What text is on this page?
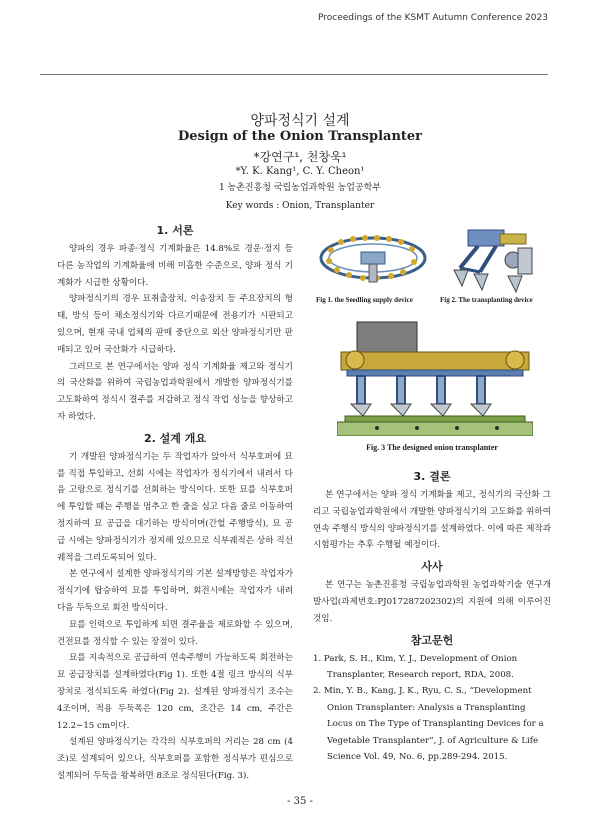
Proceedings of the KSMT Autumn Conference 2023
양파정식기 설계
Design of the Onion Transplanter
*강연구¹, 천창욱¹
*Y. K. Kang¹, C. Y. Cheon¹
1 농촌진흥청 국립농업과학원 농업공학부
Key words : Onion, Transplanter
1. 서론

양파의 경우 파종·정식 기계화율은 14.8%로 경운·정지 등 다른 농작업의 기계화율에 비해 미흡한 수준으로, 양파 정식 기계화가 시급한 상황이다.

양파정식기의 경우 묘취출장치, 이송장치 등 주요장치의 형태, 방식 등이 채소정식기와 다르기때문에 전용기가 시판되고 있으며, 현재 국내 업체의 판매 중단으로 외산 양파정식기만 판매되고 있어 국산화가 시급하다.

그러므로 본 연구에서는 양파 정식 기계화율 제고와 정식기의 국산화를 위하여 국립농업과학원에서 개발한 양파정식기를 고도화하여 정식시 결주를 저감하고 정식 작업 성능을 향상하고자 하였다.

2. 설계 개요

기 개발된 양파정식기는 두 작업자가 앉아서 식부호퍼에 묘를 직접 투입하고, 선회 시에는 작업자가 정식기에서 내려서 다음 고랑으로 정식기를 선회하는 방식이다. 또한 묘를 식부호퍼에 투입할 때는 주행을 멈추고 한 줄을 심고 다음 줄로 이동하여 정지하여 묘 공급을 대기하는 방식이며(간헐 주행방식), 묘 공급 시에는 양파정식기가 정지해 있으므로 식부궤적은 상하 직선궤적을 그리도록되어 있다.

본 연구에서 설계한 양파정식기의 기본 설계방향은 작업자가 정식기에 탑승하여 묘를 투입하며, 회전시에는 작업자가 내려 다음 두둑으로 회전 방식이다.

묘를 인력으로 투입하게 되면 결주율을 제로화할 수 있으며, 건전묘를 정식할 수 있는 장점이 있다.

묘를 지속적으로 공급하여 연속주행이 가능하도록 회전하는 묘 공급장치를 설계하였다(Fig 1). 또한 4절 링크 방식의 식부장치로 정식되도록 하였다(Fig 2). 설계된 양파정식기 조수는 4조이며, 적용 두둑폭은 120 cm, 조간은 14 cm, 주간은 12.2∼15 cm이다.

설계된 양파정식기는 각각의 식부호퍼의 거리는 28 cm (4조)로 설계되어 있으나, 식부호퍼를 포함한 정식부가 편심으로 설계되어 두둑을 왕복하면 8조로 정식된다(Fig. 3).

Fig 1. the Seedling supply device	Fig 2. The transplanting device
Fig. 3 The designed onion transplanter
3. 결론

본 연구에서는 양파 정식 기계화율 제고, 정식기의 국산화 그리고 국립농업과학원에서 개발한 양파정식기의 고도화를 위하여 연속 주행식 방식의 양파정식기를 설계하였다. 이에 따른 제작과 시험평가는 추후 수행될 예정이다.

사사

본 연구는 농촌진흥청 국립농업과학원 농업과학기술 연구개발사업(과제번호:PJ017287202302)의 지원에 의해 이루어진 것임.

참고문헌

1. Park, S. H., Kim, Y. J., Development of Onion Transplanter, Research report, RDA, 2008.

2. Min, Y. B., Kang, J. K., Ryu, C. S., “Development Onion Transplanter: Analysis a Transplanting Locus on The Type of Transplanting Devices for a Vegetable Transplanter”, J. of Agriculture & Life Science Vol. 49, No. 6, pp.289-294. 2015.

- 35 -
